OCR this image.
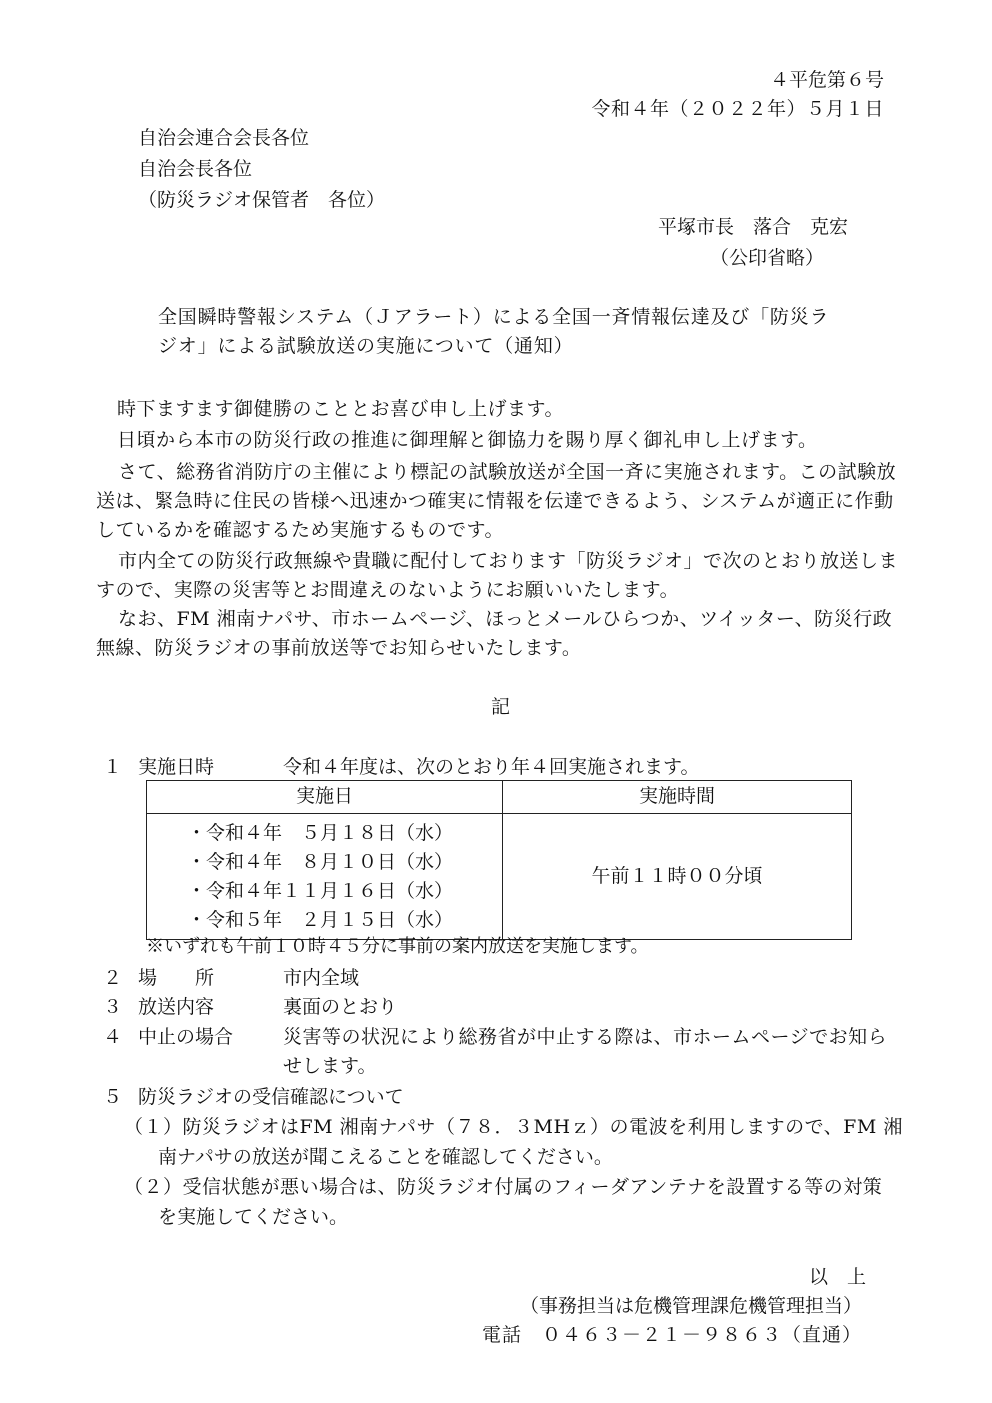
４平危第６号
令和４年（２０２２年）５月１日
自治会連合会長各位
自治会長各位
（防災ラジオ保管者　各位）
平塚市長　落合　克宏
（公印省略）
全国瞬時警報システム（Ｊアラート）による全国一斉情報伝達及び「防災ラ
ジオ」による試験放送の実施について（通知）
時下ますます御健勝のこととお喜び申し上げます。
日頃から本市の防災行政の推進に御理解と御協力を賜り厚く御礼申し上げます。
さて、総務省消防庁の主催により標記の試験放送が全国一斉に実施されます。この試験放送は、緊急時に住民の皆様へ迅速かつ確実に情報を伝達できるよう、システムが適正に作動しているかを確認するため実施するものです。
市内全ての防災行政無線や貴職に配付しております「防災ラジオ」で次のとおり放送しますので、実際の災害等とお間違えのないようにお願いいたします。
なお、FM 湘南ナパサ、市ホームページ、ほっとメールひらつか、ツイッター、防災行政無線、防災ラジオの事前放送等でお知らせいたします。
記
１ 実施日時	令和４年度は、次のとおり年４回実施されます。
実施日	実施時間

・令和４年　５月１８日（水）
・令和４年　８月１０日（水）
・令和４年１１月１６日（水）
・令和５年　２月１５日（水）	午前１１時００分頃
※いずれも午前１０時４５分に事前の案内放送を実施します。
２ 場　　所	市内全域
３ 放送内容	裏面のとおり
４ 中止の場合	災害等の状況により総務省が中止する際は、市ホームページでお知ら
せします。
５ 防災ラジオの受信確認について
（１）防災ラジオはFM 湘南ナパサ（７８．３MHｚ）の電波を利用しますので、FM 湘
南ナパサの放送が聞こえることを確認してください。
（２）受信状態が悪い場合は、防災ラジオ付属のフィーダアンテナを設置する等の対策
を実施してください。
以　上
（事務担当は危機管理課危機管理担当）
電話　０４６３－２１－９８６３（直通）
